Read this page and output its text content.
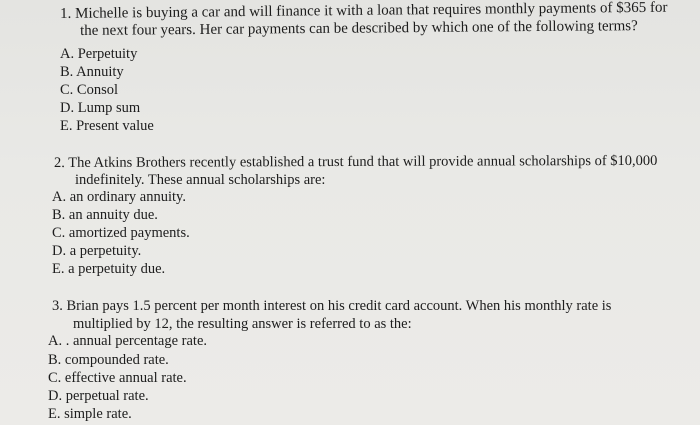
1. Michelle is buying a car and will finance it with a loan that requires monthly payments of $365 for
the next four years. Her car payments can be described by which one of the following terms?
A. Perpetuity
B. Annuity
C. Consol
D. Lump sum
E. Present value
2. The Atkins Brothers recently established a trust fund that will provide annual scholarships of $10,000
indefinitely. These annual scholarships are:
A. an ordinary annuity.
B. an annuity due.
C. amortized payments.
D. a perpetuity.
E. a perpetuity due.
3. Brian pays 1.5 percent per month interest on his credit card account. When his monthly rate is
multiplied by 12, the resulting answer is referred to as the:
A. . annual percentage rate.
B. compounded rate.
C. effective annual rate.
D. perpetual rate.
E. simple rate.
